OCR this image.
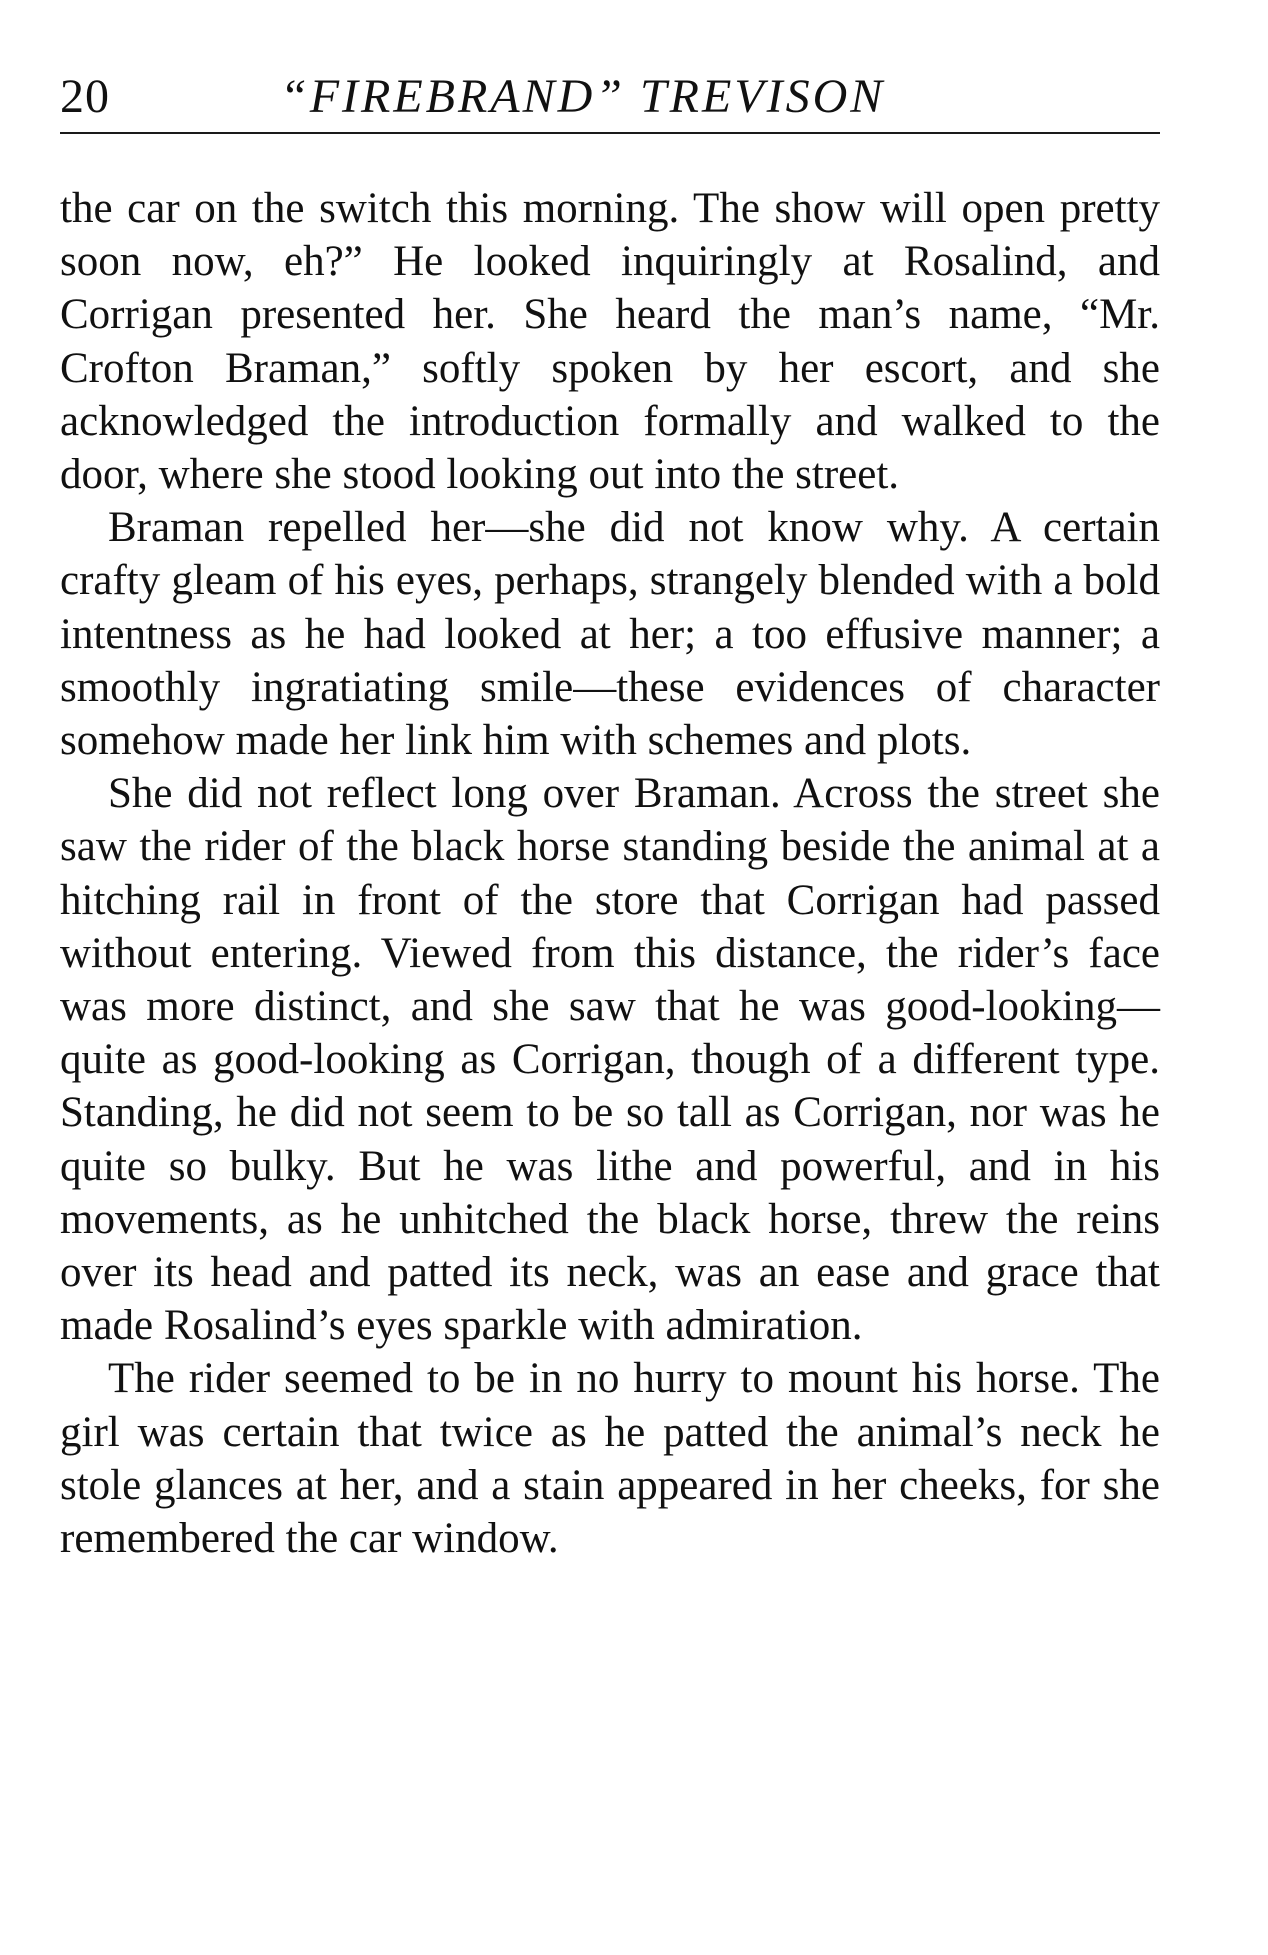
20	“FIREBRAND” TREVISON

the car on the switch this morning. The show will open pretty soon now, eh?” He looked inquiringly at Rosalind, and Corrigan presented her. She heard the man’s name, “Mr. Crofton Braman,” softly spoken by her escort, and she acknowledged the introduction formally and walked to the door, where she stood looking out into the street.

Braman repelled her—she did not know why. A certain crafty gleam of his eyes, perhaps, strangely blended with a bold intentness as he had looked at her; a too effusive manner; a smoothly ingratiating smile—these evidences of character somehow made her link him with schemes and plots.

She did not reflect long over Braman. Across the street she saw the rider of the black horse standing beside the animal at a hitching rail in front of the store that Corrigan had passed without entering. Viewed from this distance, the rider’s face was more distinct, and she saw that he was good-looking—quite as good-looking as Corrigan, though of a different type. Standing, he did not seem to be so tall as Corrigan, nor was he quite so bulky. But he was lithe and powerful, and in his movements, as he unhitched the black horse, threw the reins over its head and patted its neck, was an ease and grace that made Rosalind’s eyes sparkle with admiration.

The rider seemed to be in no hurry to mount his horse. The girl was certain that twice as he patted the animal’s neck he stole glances at her, and a stain appeared in her cheeks, for she remembered the car window.
